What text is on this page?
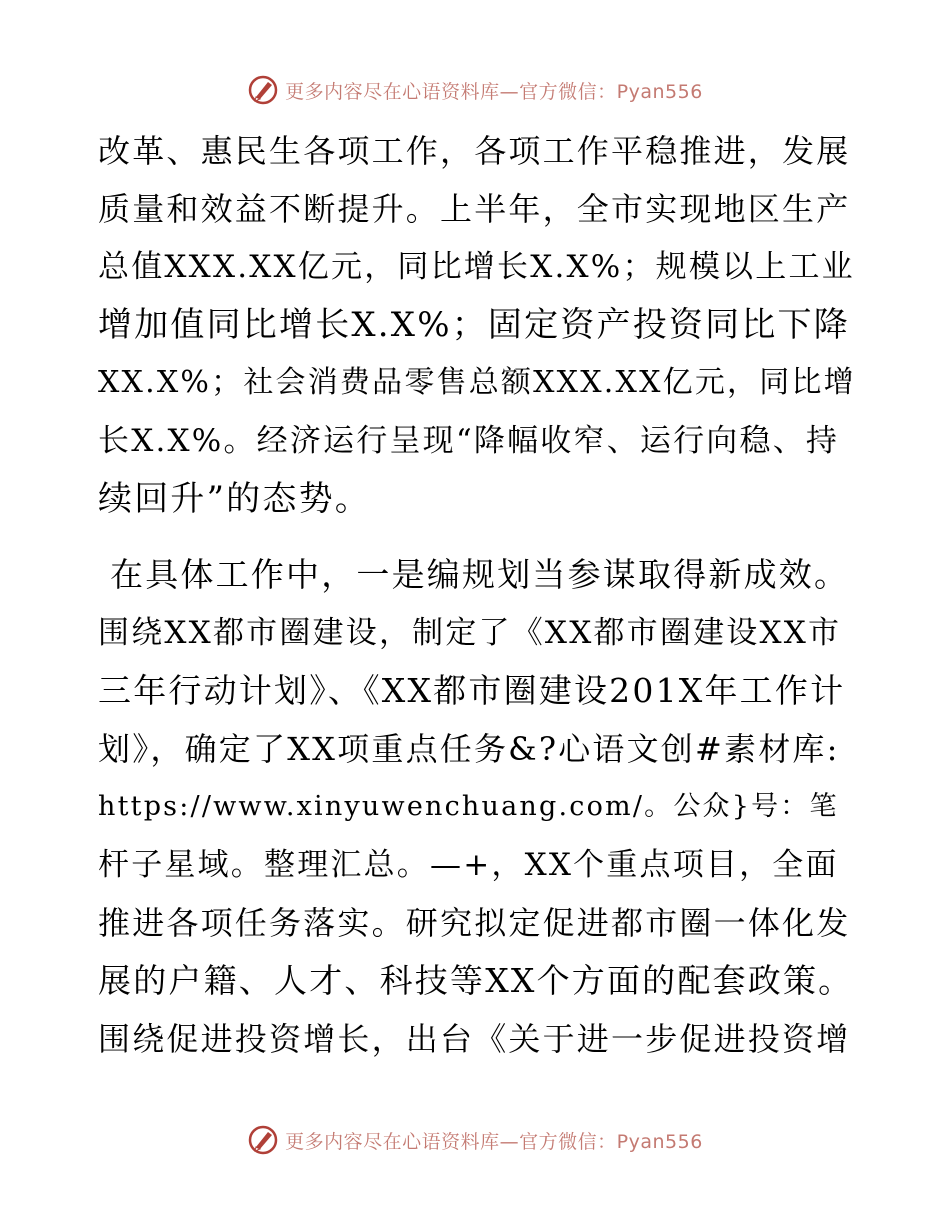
更多内容尽在心语资料库—官方微信：Pyan556
改革、惠民生各项工作，各项工作平稳推进，发展
质量和效益不断提升。上半年，全市实现地区生产
总值XXX.XX亿元，同比增长X.X%；规模以上工业
增加值同比增长X.X%；固定资产投资同比下降
XX.X%；社会消费品零售总额XXX.XX亿元，同比增
长X.X%。经济运行呈现“降幅收窄、运行向稳、持
续回升”的态势。
在具体工作中，一是编规划当参谋取得新成效。
围绕XX都市圈建设，制定了《XX都市圈建设XX市
三年行动计划》、《XX都市圈建设201X年工作计
划》，确定了XX项重点任务&?心语文创#素材库:
https://www.xinyuwenchuang.com/。公众}号：笔
杆子星域。整理汇总。—+，XX个重点项目，全面
推进各项任务落实。研究拟定促进都市圈一体化发
展的户籍、人才、科技等XX个方面的配套政策。
围绕促进投资增长，出台《关于进一步促进投资增
更多内容尽在心语资料库—官方微信：Pyan556
